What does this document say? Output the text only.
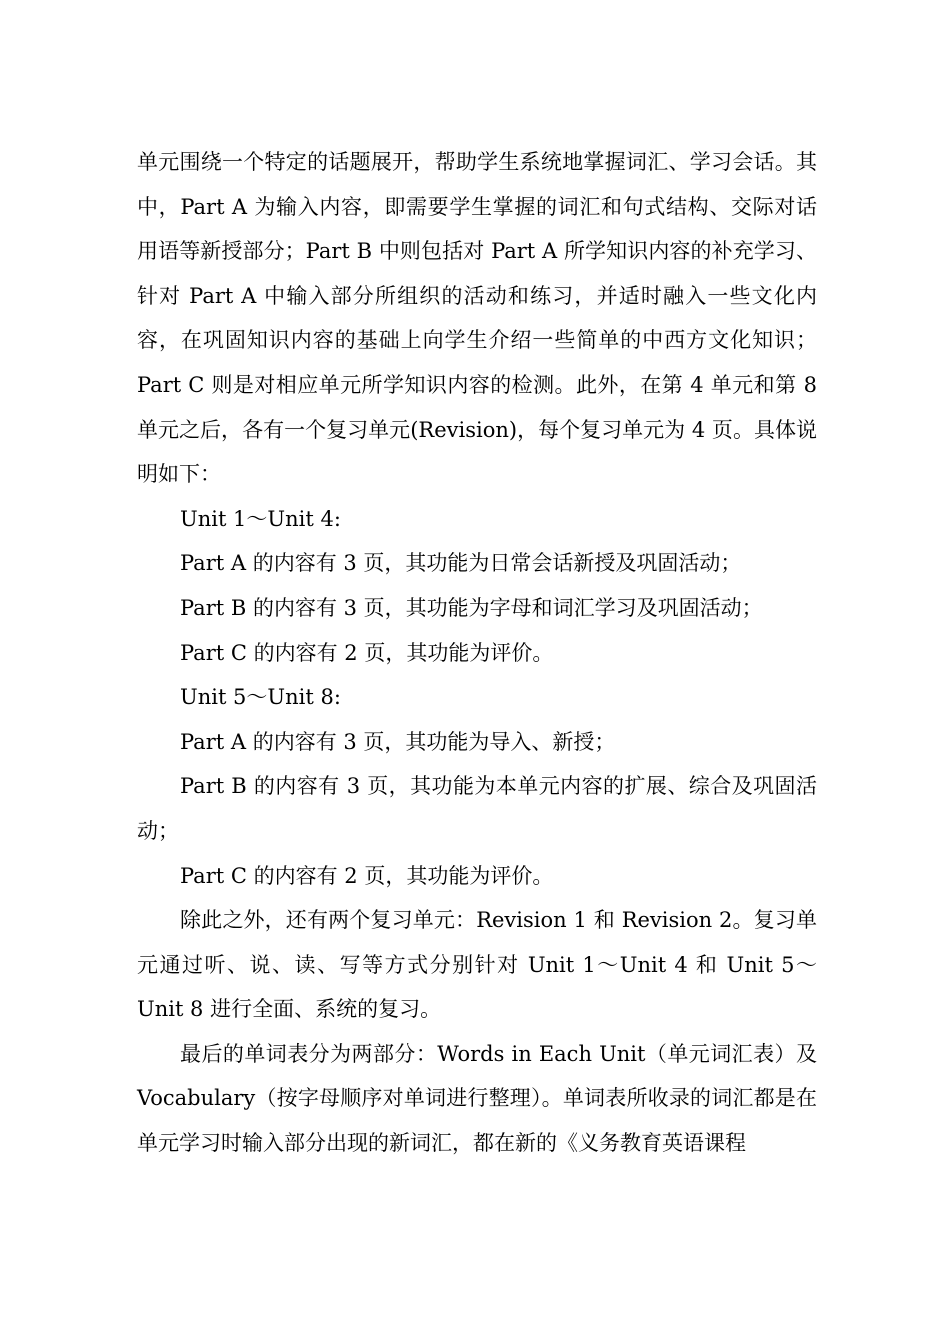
单元围绕一个特定的话题展开，帮助学生系统地掌握词汇、学习会话。其中，Part A 为输入内容，即需要学生掌握的词汇和句式结构、交际对话用语等新授部分；Part B 中则包括对 Part A 所学知识内容的补充学习、针对 Part A 中输入部分所组织的活动和练习，并适时融入一些文化内容，在巩固知识内容的基础上向学生介绍一些简单的中西方文化知识；Part C 则是对相应单元所学知识内容的检测。此外，在第 4 单元和第 8 单元之后，各有一个复习单元(Revision)，每个复习单元为 4 页。具体说明如下：

Unit 1～Unit 4:

Part A 的内容有 3 页，其功能为日常会话新授及巩固活动；

Part B 的内容有 3 页，其功能为字母和词汇学习及巩固活动；

Part C 的内容有 2 页，其功能为评价。

Unit 5～Unit 8:

Part A 的内容有 3 页，其功能为导入、新授；

Part B 的内容有 3 页，其功能为本单元内容的扩展、综合及巩固活动；

Part C 的内容有 2 页，其功能为评价。

除此之外，还有两个复习单元：Revision 1 和 Revision 2。复习单元通过听、说、读、写等方式分别针对 Unit 1～Unit 4 和 Unit 5～Unit 8 进行全面、系统的复习。

最后的单词表分为两部分：Words in Each Unit（单元词汇表）及 Vocabulary（按字母顺序对单词进行整理）。单词表所收录的词汇都是在单元学习时输入部分出现的新词汇，都在新的《义务教育英语课程
